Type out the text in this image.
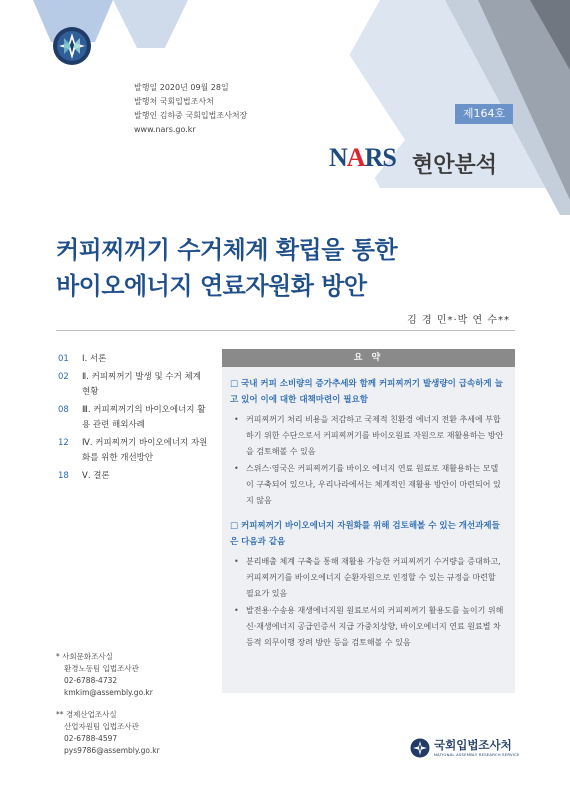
발행일 2020년 09월 28일
발행처 국회입법조사처
발행인 김하중 국회입법조사처장
www.nars.go.kr
제164호
NARS 현안분석
커피찌꺼기 수거체계 확립을 통한
바이오에너지 연료자원화 방안
김 경 민*·박 연 수**
01	Ⅰ. 서론
02	Ⅱ. 커피찌꺼기 발생 및 수거 체계 현황
08	Ⅲ. 커피찌꺼기의 바이오에너지 활용 관련 해외사례
12	Ⅳ. 커피찌꺼기 바이오에너지 자원화를 위한 개선방안
18	Ⅴ. 결론
요 약
□ 국내 커피 소비량의 증가추세와 함께 커피찌꺼기 발생량이 급속하게 늘고 있어 이에 대한 대책마련이 필요함
• 커피찌꺼기 처리 비용을 저감하고 국제적 친환경 에너지 전환 추세에 부합하기 위한 수단으로서 커피찌꺼기를 바이오원료 자원으로 재활용하는 방안을 검토해볼 수 있음
• 스위스·영국은 커피찌꺼기를 바이오 에너지 연료 원료로 재활용하는 모델이 구축되어 있으나, 우리나라에서는 체계적인 재활용 방안이 마련되어 있지 않음
□ 커피찌꺼기 바이오에너지 자원화를 위해 검토해볼 수 있는 개선과제들은 다음과 같음
• 분리배출 체계 구축을 통해 재활용 가능한 커피찌꺼기 수거량을 증대하고, 커피찌꺼기를 바이오에너지 순환자원으로 인정할 수 있는 규정을 마련할 필요가 있음
• 발전용·수송용 재생에너지원 원료로서의 커피찌꺼기 활용도를 높이기 위해 신·재생에너지 공급인증서 지급 가중치상향, 바이오에너지 연료 원료별 차등적 의무이행 장려 방안 등을 검토해볼 수 있음
* 사회문화조사실
환경노동팀 입법조사관
02-6788-4732
kmkim@assembly.go.kr
** 경제산업조사실
산업자원팀 입법조사관
02-6788-4597
pys9786@assembly.go.kr	국회입법조사처
NATIONAL ASSEMBLY RESEARCH SERVICE
